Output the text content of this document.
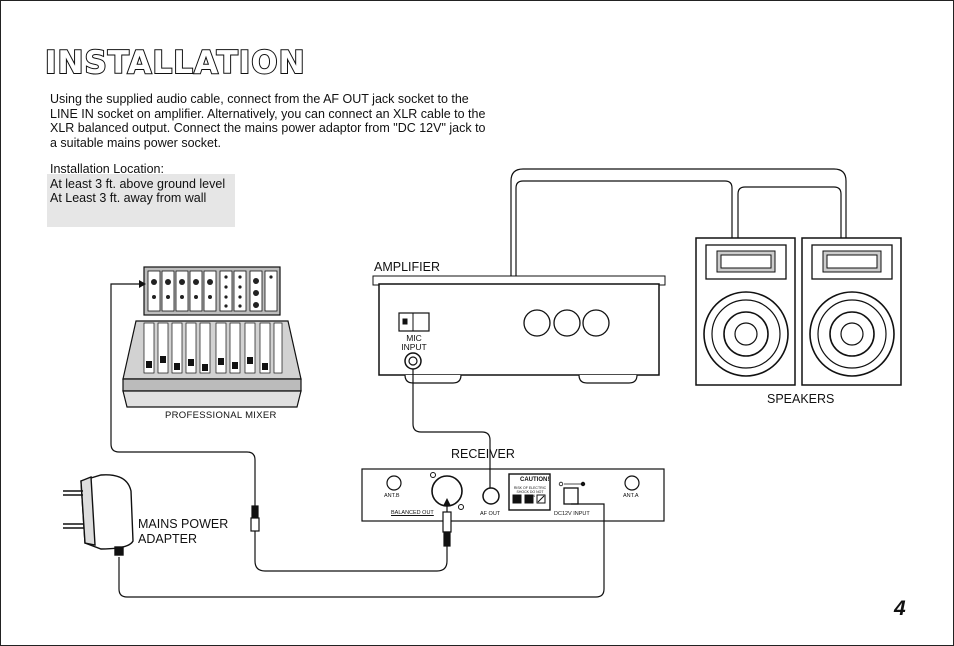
INSTALLATION

Using the supplied audio cable, connect from the AF OUT jack socket to the LINE IN socket on amplifier. Alternatively, you can connect an XLR cable to the XLR balanced output. Connect the mains power adaptor from "DC 12V" jack to a suitable mains power socket.

Installation Location:

At least 3 ft. above ground level

At Least 3 ft. away from wall

AMPLIFIER

MIC INPUT

SPEAKERS

PROFESSIONAL MIXER

RECEIVER

MAINS POWER ADAPTER

ANT.B

BALANCED OUT	AF OUT	DC12V INPUT

ANT.A

CAUTION!

RISK OF ELECTRIC SHOCK DO NOT OPEN

4
